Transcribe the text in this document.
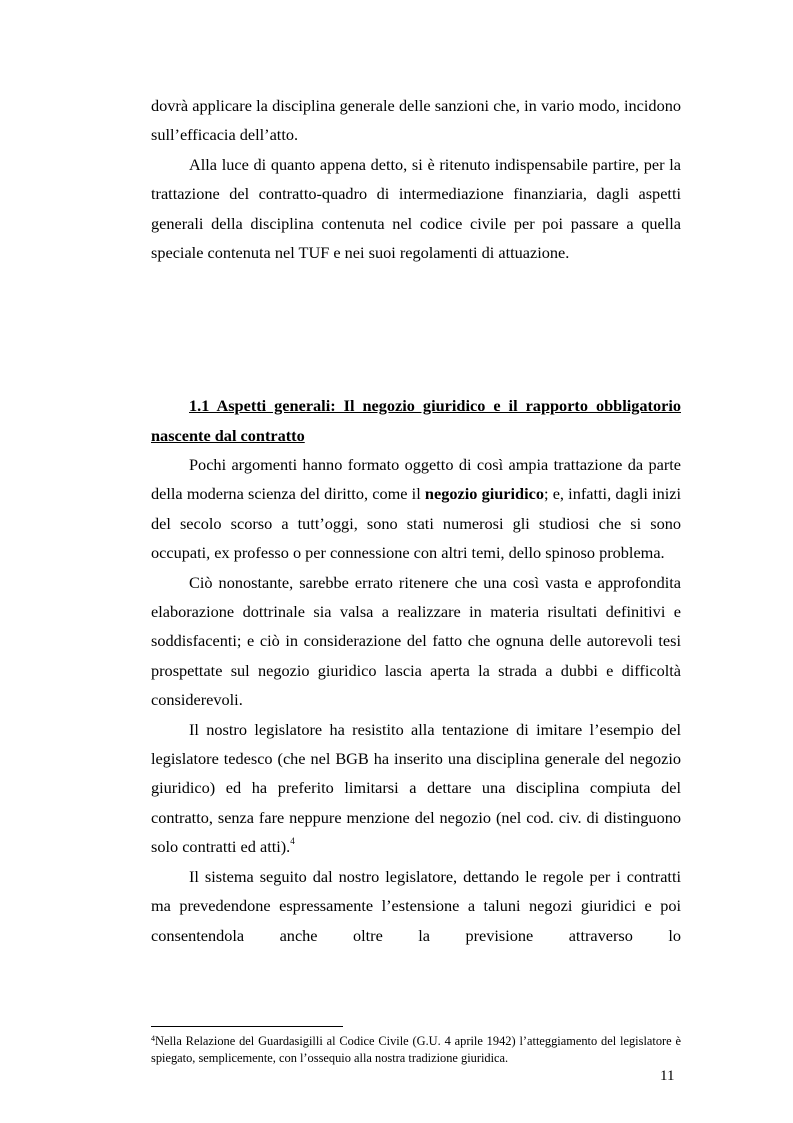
dovrà applicare la disciplina generale delle sanzioni che, in vario modo, incidono sull’efficacia dell’atto.

Alla luce di quanto appena detto, si è ritenuto indispensabile partire, per la trattazione del contratto-quadro di intermediazione finanziaria, dagli aspetti generali della disciplina contenuta nel codice civile per poi passare a quella speciale contenuta nel TUF e nei suoi regolamenti di attuazione.

1.1 Aspetti generali: Il negozio giuridico e il rapporto obbligatorio
nascente dal contratto

Pochi argomenti hanno formato oggetto di così ampia trattazione da parte della moderna scienza del diritto, come il negozio giuridico; e, infatti, dagli inizi del secolo scorso a tutt’oggi, sono stati numerosi gli studiosi che si sono occupati, ex professo o per connessione con altri temi, dello spinoso problema.

Ciò nonostante, sarebbe errato ritenere che una così vasta e approfondita elaborazione dottrinale sia valsa a realizzare in materia risultati definitivi e soddisfacenti; e ciò in considerazione del fatto che ognuna delle autorevoli tesi prospettate sul negozio giuridico lascia aperta la strada a dubbi e difficoltà considerevoli.

Il nostro legislatore ha resistito alla tentazione di imitare l’esempio del legislatore tedesco (che nel BGB ha inserito una disciplina generale del negozio giuridico) ed ha preferito limitarsi a dettare una disciplina compiuta del contratto, senza fare neppure menzione del negozio (nel cod. civ. di distinguono solo contratti ed atti).$^4$

Il sistema seguito dal nostro legislatore, dettando le regole per i contratti ma prevedendone espressamente l’estensione a taluni negozi giuridici e poi consentendola anche oltre la previsione attraverso lo

$^4$Nella Relazione del Guardasigilli al Codice Civile (G.U. 4 aprile 1942) l’atteggiamento del legislatore è spiegato, semplicemente, con l’ossequio alla nostra tradizione giuridica.
11
